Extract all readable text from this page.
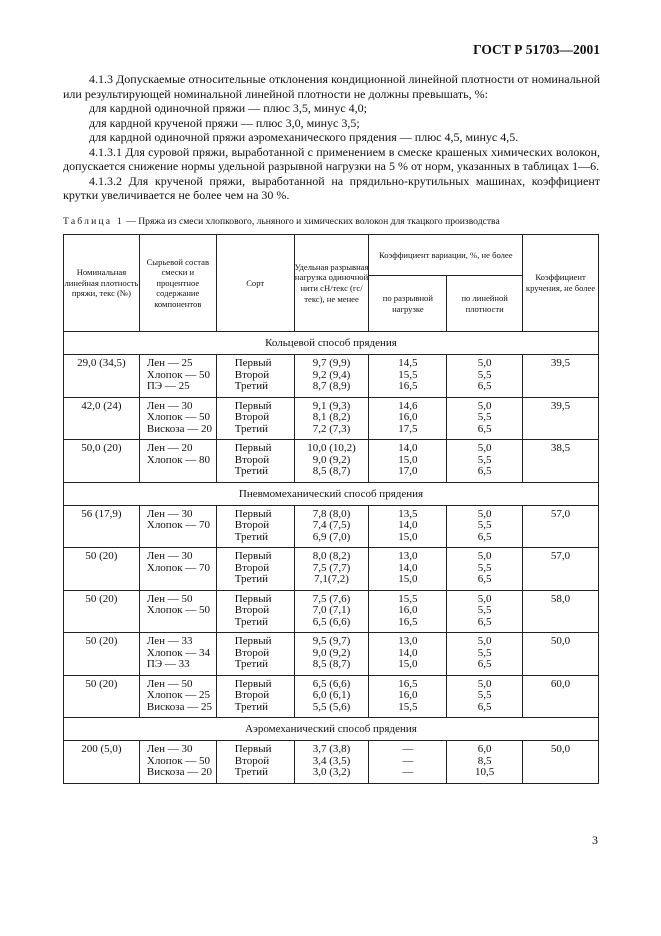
ГОСТ Р 51703—2001

4.1.3 Допускаемые относительные отклонения кондиционной линейной плотности от номинальной или результирующей номинальной линейной плотности не должны превышать, %:

для кардной одиночной пряжи — плюс 3,5, минус 4,0;

для кардной крученой пряжи — плюс 3,0, минус 3,5;

для кардной одиночной пряжи аэромеханического прядения — плюс 4,5, минус 4,5.

4.1.3.1 Для суровой пряжи, выработанной с применением в смеске крашеных химических волокон, допускается снижение нормы удельной разрывной нагрузки на 5 % от норм, указанных в таблицах 1—6.

4.1.3.2 Для крученой пряжи, выработанной на прядильно-крутильных машинах, коэффициент крутки увеличивается не более чем на 30 %.

Таблица 1 — Пряжа из смеси хлопкового, льняного и химических волокон для ткацкого производства
Номинальная линейная плотность пряжи, текс (№)	Сырьевой состав смески и процентное содержание компонентов	Сорт	Удельная разрывная нагрузка одиночной нити сН/текс (гс/текс), не менее	Коэффициент вариации, %, не более		Коэффициент кручения, не более
				по разрывной нагрузке	по линейной плотности	
Кольцевой способ прядения						

29,0 (34,5)	Лен — 25
Хлопок — 50
ПЭ — 25	Первый
Второй
Третий	9,7 (9,9)
9,2 (9,4)
8,7 (8,9)	14,5
15,5
16,5	5,0
5,5
6,5	39,5

42,0 (24)	Лен — 30
Хлопок — 50
Вискоза — 20	Первый
Второй
Третий	9,1 (9,3)
8,1 (8,2)
7,2 (7,3)	14,6
16,0
17,5	5,0
5,5
6,5	39,5

50,0 (20)	Лен — 20
Хлопок — 80	Первый
Второй
Третий	10,0 (10,2)
9,0 (9,2)
8,5 (8,7)	14,0
15,0
17,0	5,0
5,5
6,5	38,5

Пневмомеханический способ прядения						

56 (17,9)	Лен — 30
Хлопок — 70	Первый
Второй
Третий	7,8 (8,0)
7,4 (7,5)
6,9 (7,0)	13,5
14,0
15,0	5,0
5,5
6,5	57,0

50 (20)	Лен — 30
Хлопок — 70	Первый
Второй
Третий	8,0 (8,2)
7,5 (7,7)
7,1(7,2)	13,0
14,0
15,0	5,0
5,5
6,5	57,0

50 (20)	Лен — 50
Хлопок — 50	Первый
Второй
Третий	7,5 (7,6)
7,0 (7,1)
6,5 (6,6)	15,5
16,0
16,5	5,0
5,5
6,5	58,0

50 (20)	Лен — 33
Хлопок — 34
ПЭ — 33	Первый
Второй
Третий	9,5 (9,7)
9,0 (9,2)
8,5 (8,7)	13,0
14,0
15,0	5,0
5,5
6,5	50,0

50 (20)	Лен — 50
Хлопок — 25
Вискоза — 25	Первый
Второй
Третий	6,5 (6,6)
6,0 (6,1)
5,5 (5,6)	16,5
16,0
15,5	5,0
5,5
6,5	60,0

Аэромеханический способ прядения						

200 (5,0)	Лен — 30
Хлопок — 50
Вискоза — 20	Первый
Второй
Третий	3,7 (3,8)
3,4 (3,5)
3,0 (3,2)	—
—
—	6,0
8,5
10,5	50,0
3
